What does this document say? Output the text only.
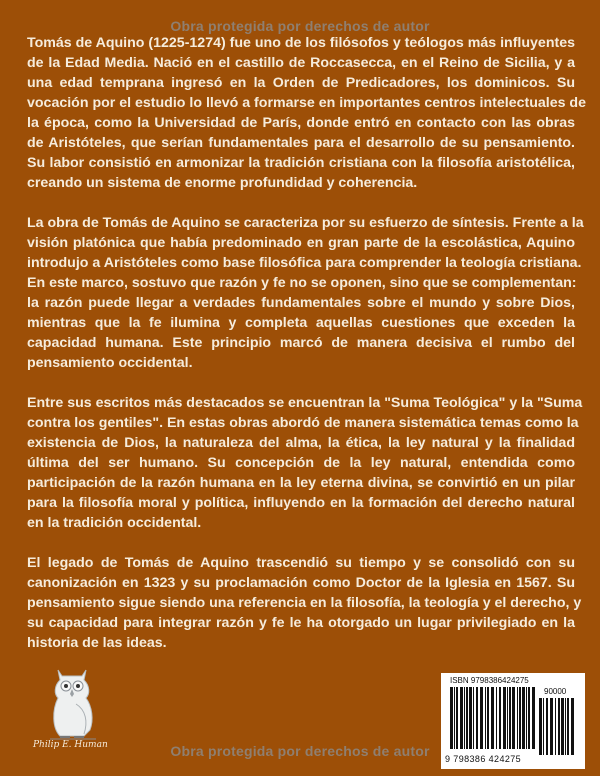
Obra protegida por derechos de autor
Tomás de Aquino (1225-1274) fue uno de los filósofos y teólogos más influyentes
de la Edad Media. Nació en el castillo de Roccasecca, en el Reino de Sicilia, y a
una edad temprana ingresó en la Orden de Predicadores, los dominicos. Su
vocación por el estudio lo llevó a formarse en importantes centros intelectuales de
la época, como la Universidad de París, donde entró en contacto con las obras
de Aristóteles, que serían fundamentales para el desarrollo de su pensamiento.
Su labor consistió en armonizar la tradición cristiana con la filosofía aristotélica,
creando un sistema de enorme profundidad y coherencia.
La obra de Tomás de Aquino se caracteriza por su esfuerzo de síntesis. Frente a la
visión platónica que había predominado en gran parte de la escolástica, Aquino
introdujo a Aristóteles como base filosófica para comprender la teología cristiana.
En este marco, sostuvo que razón y fe no se oponen, sino que se complementan:
la razón puede llegar a verdades fundamentales sobre el mundo y sobre Dios,
mientras que la fe ilumina y completa aquellas cuestiones que exceden la
capacidad humana. Este principio marcó de manera decisiva el rumbo del
pensamiento occidental.
Entre sus escritos más destacados se encuentran la "Suma Teológica" y la "Suma
contra los gentiles". En estas obras abordó de manera sistemática temas como la
existencia de Dios, la naturaleza del alma, la ética, la ley natural y la finalidad
última del ser humano. Su concepción de la ley natural, entendida como
participación de la razón humana en la ley eterna divina, se convirtió en un pilar
para la filosofía moral y política, influyendo en la formación del derecho natural
en la tradición occidental.
El legado de Tomás de Aquino trascendió su tiempo y se consolidó con su
canonización en 1323 y su proclamación como Doctor de la Iglesia en 1567. Su
pensamiento sigue siendo una referencia en la filosofía, la teología y el derecho, y
su capacidad para integrar razón y fe le ha otorgado un lugar privilegiado en la
historia de las ideas.
Philip E. Human	Obra protegida por derechos de autor
ISBN 9798386424275
90000
9 798386 424275
